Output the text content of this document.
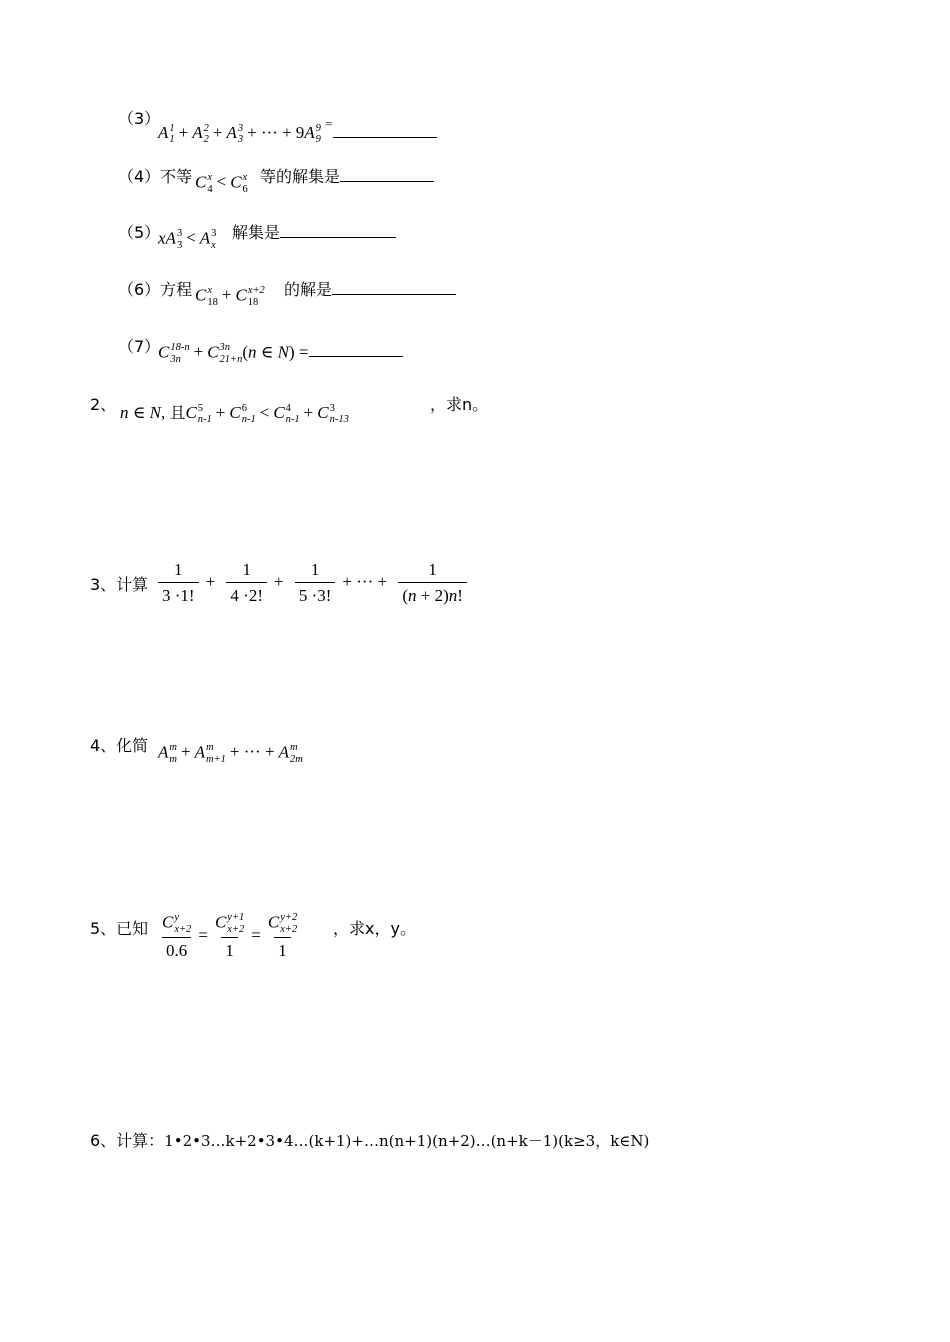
（3）
A 1
1 + A 2
2 + A 3
3 + ··· + 9A 9
9
=
（4）不等 C x
4 < C x
6
等的解集是
（5）
xA 3
3 < A 3
x
解集是
（6）方程 C x
18 + C x+2
18
的解是
（7）
C 18-n
3n + C 3n
21+n (n ∈ N) =
2、 n ∈ N, 且C 5
n-1 + C 6
n-1 < C 4
n-1 + C 3
n-13
，求n。
3、计算 $\frac{1}{3 \cdot 1!} + \frac{1}{4 \cdot 2!} + \frac{1}{5 \cdot 3!}$ + ··· + $\frac{1}{(n + 2)n!}$
4、化简 A m
m + A m
m+1 + ··· + A m
2m
5、已知 C y
x+2
0.6 = C y+1
x+2
1 = C y+2
x+2
1 ，求x，y。
6、计算：1•2•3…k+2•3•4…(k+1)+…n(n+1)(n+2)…(n+k－1)(k≥3，k∈N)
